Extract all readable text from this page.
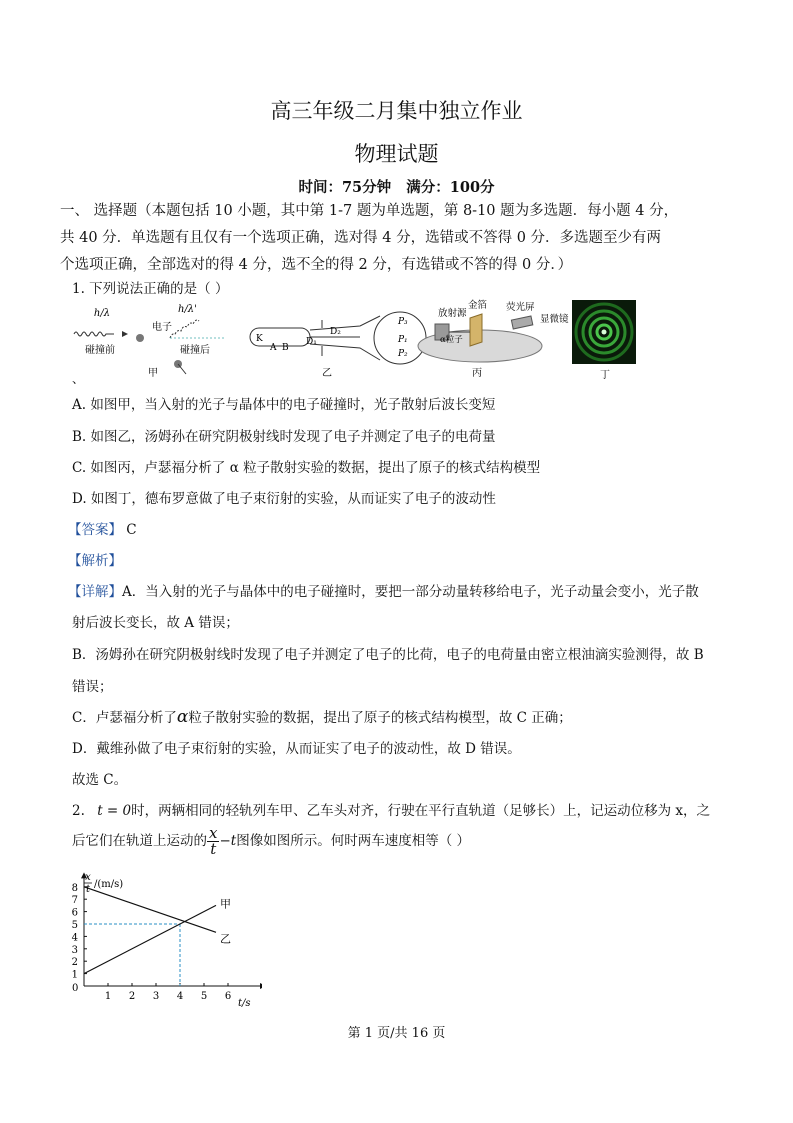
高三年级二月集中独立作业
物理试题
时间：75分钟   满分：100分
一、 选择题（本题包括 10 小题，其中第 1-7 题为单选题，第 8-10 题为多选题．每小题 4 分，
共 40 分．单选题有且仅有一个选项正确，选对得 4 分，选错或不答得 0 分．多选题至少有两
个选项正确，全部选对的得 4 分，选不全的得 2 分，有选错或不答的得 0 分．）
1. 下列说法正确的是（ ）
h/λ
电子
碰撞前
h/λ'
碰撞后
甲
K
A B
D₁
D₂
P₃
P₁
P₂
乙
放射源
金箔 荧光屏
显微镜
α粒子
丙	丁
、
A. 如图甲，当入射的光子与晶体中的电子碰撞时，光子散射后波长变短
B. 如图乙，汤姆孙在研究阴极射线时发现了电子并测定了电子的电荷量
C. 如图丙，卢瑟福分析了 α 粒子散射实验的数据，提出了原子的核式结构模型
D. 如图丁，德布罗意做了电子束衍射的实验，从而证实了电子的波动性
【答案】 C
【解析】
【详解】A．当入射的光子与晶体中的电子碰撞时，要把一部分动量转移给电子，光子动量会变小，光子散
射后波长变长，故 A 错误；
B．汤姆孙在研究阴极射线时发现了电子并测定了电子的比荷，电子的电荷量由密立根油滴实验测得，故 B
错误；
C．卢瑟福分析了α粒子散射实验的数据，提出了原子的核式结构模型，故 C 正确；
D．戴维孙做了电子束衍射的实验，从而证实了电子的波动性，故 D 错误。
故选 C。
2. t = 0时，两辆相同的轻轨列车甲、乙车头对齐，行驶在平行直轨道（足够长）上，记运动位移为 x，之
后它们在轨道上运动的 $\frac{x}{t} -t$图像如图所示。何时两车速度相等（ ）
1 2 3 4 5 6
1
2
3
4
5
6
7
8
甲
乙
x
t /(m/s)
t/s
0
第 1 页/共 16 页
